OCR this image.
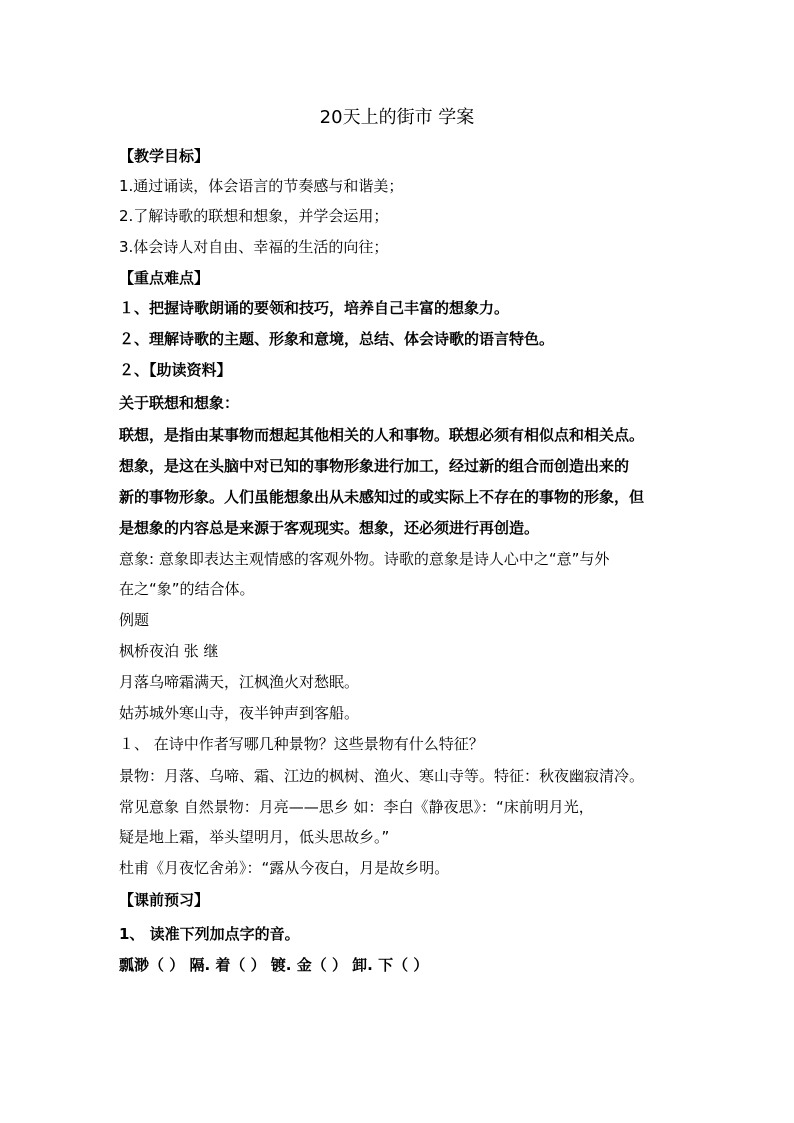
20天上的街市 学案
【教学目标】
1.通过诵读，体会语言的节奏感与和谐美；
2.了解诗歌的联想和想象，并学会运用；
3.体会诗人对自由、幸福的生活的向往；
【重点难点】
１、把握诗歌朗诵的要领和技巧，培养自己丰富的想象力。
２、理解诗歌的主题、形象和意境，总结、体会诗歌的语言特色。
２、【助读资料】
关于联想和想象：
联想，是指由某事物而想起其他相关的人和事物。联想必须有相似点和相关点。
想象，是这在头脑中对已知的事物形象进行加工，经过新的组合而创造出来的
新的事物形象。人们虽能想象出从未感知过的或实际上不存在的事物的形象，但
是想象的内容总是来源于客观现实。想象，还必须进行再创造。
意象: 意象即表达主观情感的客观外物。诗歌的意象是诗人心中之“意”与外
在之“象”的结合体。
例题
枫桥夜泊 张 继
月落乌啼霜满天，江枫渔火对愁眠。
姑苏城外寒山寺，夜半钟声到客船。
１、 在诗中作者写哪几种景物？这些景物有什么特征？
景物：月落、乌啼、霜、江边的枫树、渔火、寒山寺等。特征：秋夜幽寂清冷。
常见意象 自然景物：月亮——思乡 如：李白《静夜思》：“床前明月光，
疑是地上霜，举头望明月，低头思故乡。”
杜甫《月夜忆舍弟》：“露从今夜白，月是故乡明。
【课前预习】
1、 读准下列加点字的音。
瓢渺（ ） 隔. 着（ ） 镀. 金（ ） 卸. 下（ ）
